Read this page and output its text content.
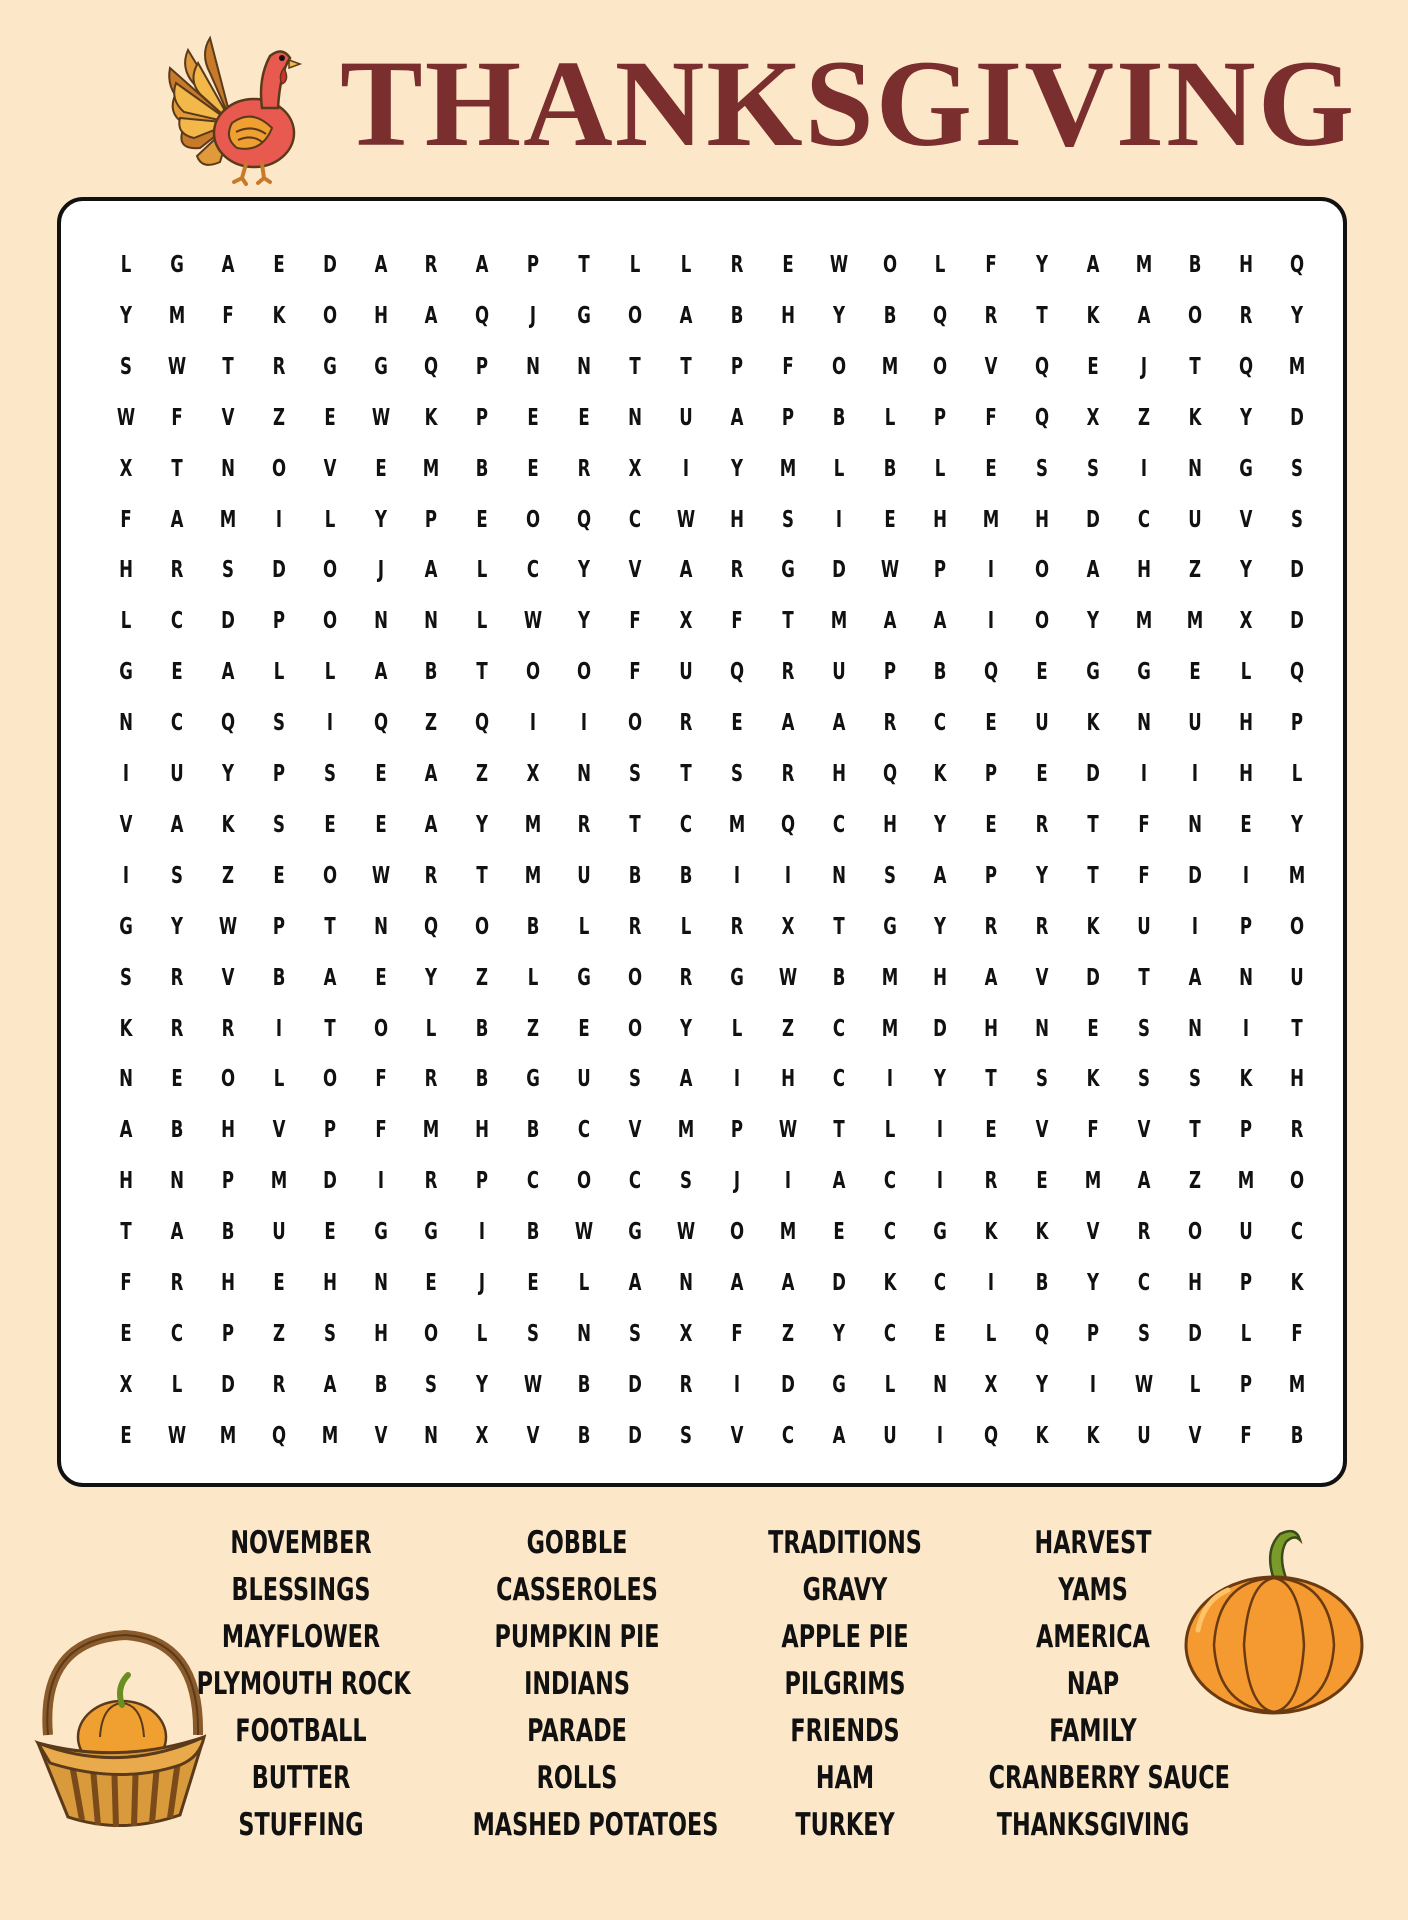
THANKSGIVING
L	G	A	E	D	A	R	A	P	T	L	L	R	E	W	O	L	F	Y	A	M	B	H	Q
Y	M	F	K	O	H	A	Q	J	G	O	A	B	H	Y	B	Q	R	T	K	A	O	R	Y
S	W	T	R	G	G	Q	P	N	N	T	T	P	F	O	M	O	V	Q	E	J	T	Q	M
W	F	V	Z	E	W	K	P	E	E	N	U	A	P	B	L	P	F	Q	X	Z	K	Y	D
X	T	N	O	V	E	M	B	E	R	X	I	Y	M	L	B	L	E	S	S	I	N	G	S
F	A	M	I	L	Y	P	E	O	Q	C	W	H	S	I	E	H	M	H	D	C	U	V	S
H	R	S	D	O	J	A	L	C	Y	V	A	R	G	D	W	P	I	O	A	H	Z	Y	D
L	C	D	P	O	N	N	L	W	Y	F	X	F	T	M	A	A	I	O	Y	M	M	X	D
G	E	A	L	L	A	B	T	O	O	F	U	Q	R	U	P	B	Q	E	G	G	E	L	Q
N	C	Q	S	I	Q	Z	Q	I	I	O	R	E	A	A	R	C	E	U	K	N	U	H	P
I	U	Y	P	S	E	A	Z	X	N	S	T	S	R	H	Q	K	P	E	D	I	I	H	L
V	A	K	S	E	E	A	Y	M	R	T	C	M	Q	C	H	Y	E	R	T	F	N	E	Y
I	S	Z	E	O	W	R	T	M	U	B	B	I	I	N	S	A	P	Y	T	F	D	I	M
G	Y	W	P	T	N	Q	O	B	L	R	L	R	X	T	G	Y	R	R	K	U	I	P	O
S	R	V	B	A	E	Y	Z	L	G	O	R	G	W	B	M	H	A	V	D	T	A	N	U
K	R	R	I	T	O	L	B	Z	E	O	Y	L	Z	C	M	D	H	N	E	S	N	I	T
N	E	O	L	O	F	R	B	G	U	S	A	I	H	C	I	Y	T	S	K	S	S	K	H
A	B	H	V	P	F	M	H	B	C	V	M	P	W	T	L	I	E	V	F	V	T	P	R
H	N	P	M	D	I	R	P	C	O	C	S	J	I	A	C	I	R	E	M	A	Z	M	O
T	A	B	U	E	G	G	I	B	W	G	W	O	M	E	C	G	K	K	V	R	O	U	C
F	R	H	E	H	N	E	J	E	L	A	N	A	A	D	K	C	I	B	Y	C	H	P	K
E	C	P	Z	S	H	O	L	S	N	S	X	F	Z	Y	C	E	L	Q	P	S	D	L	F
X	L	D	R	A	B	S	Y	W	B	D	R	I	D	G	L	N	X	Y	I	W	L	P	M
E	W	M	Q	M	V	N	X	V	B	D	S	V	C	A	U	I	Q	K	K	U	V	F	B
NOVEMBER
BLESSINGS
MAYFLOWER
PLYMOUTH ROCK
FOOTBALL
BUTTER
STUFFING
GOBBLE
CASSEROLES
PUMPKIN PIE
INDIANS
PARADE
ROLLS
MASHED POTATOES
TRADITIONS
GRAVY
APPLE PIE
PILGRIMS
FRIENDS
HAM
TURKEY
HARVEST
YAMS
AMERICA
NAP
FAMILY
CRANBERRY SAUCE
THANKSGIVING
